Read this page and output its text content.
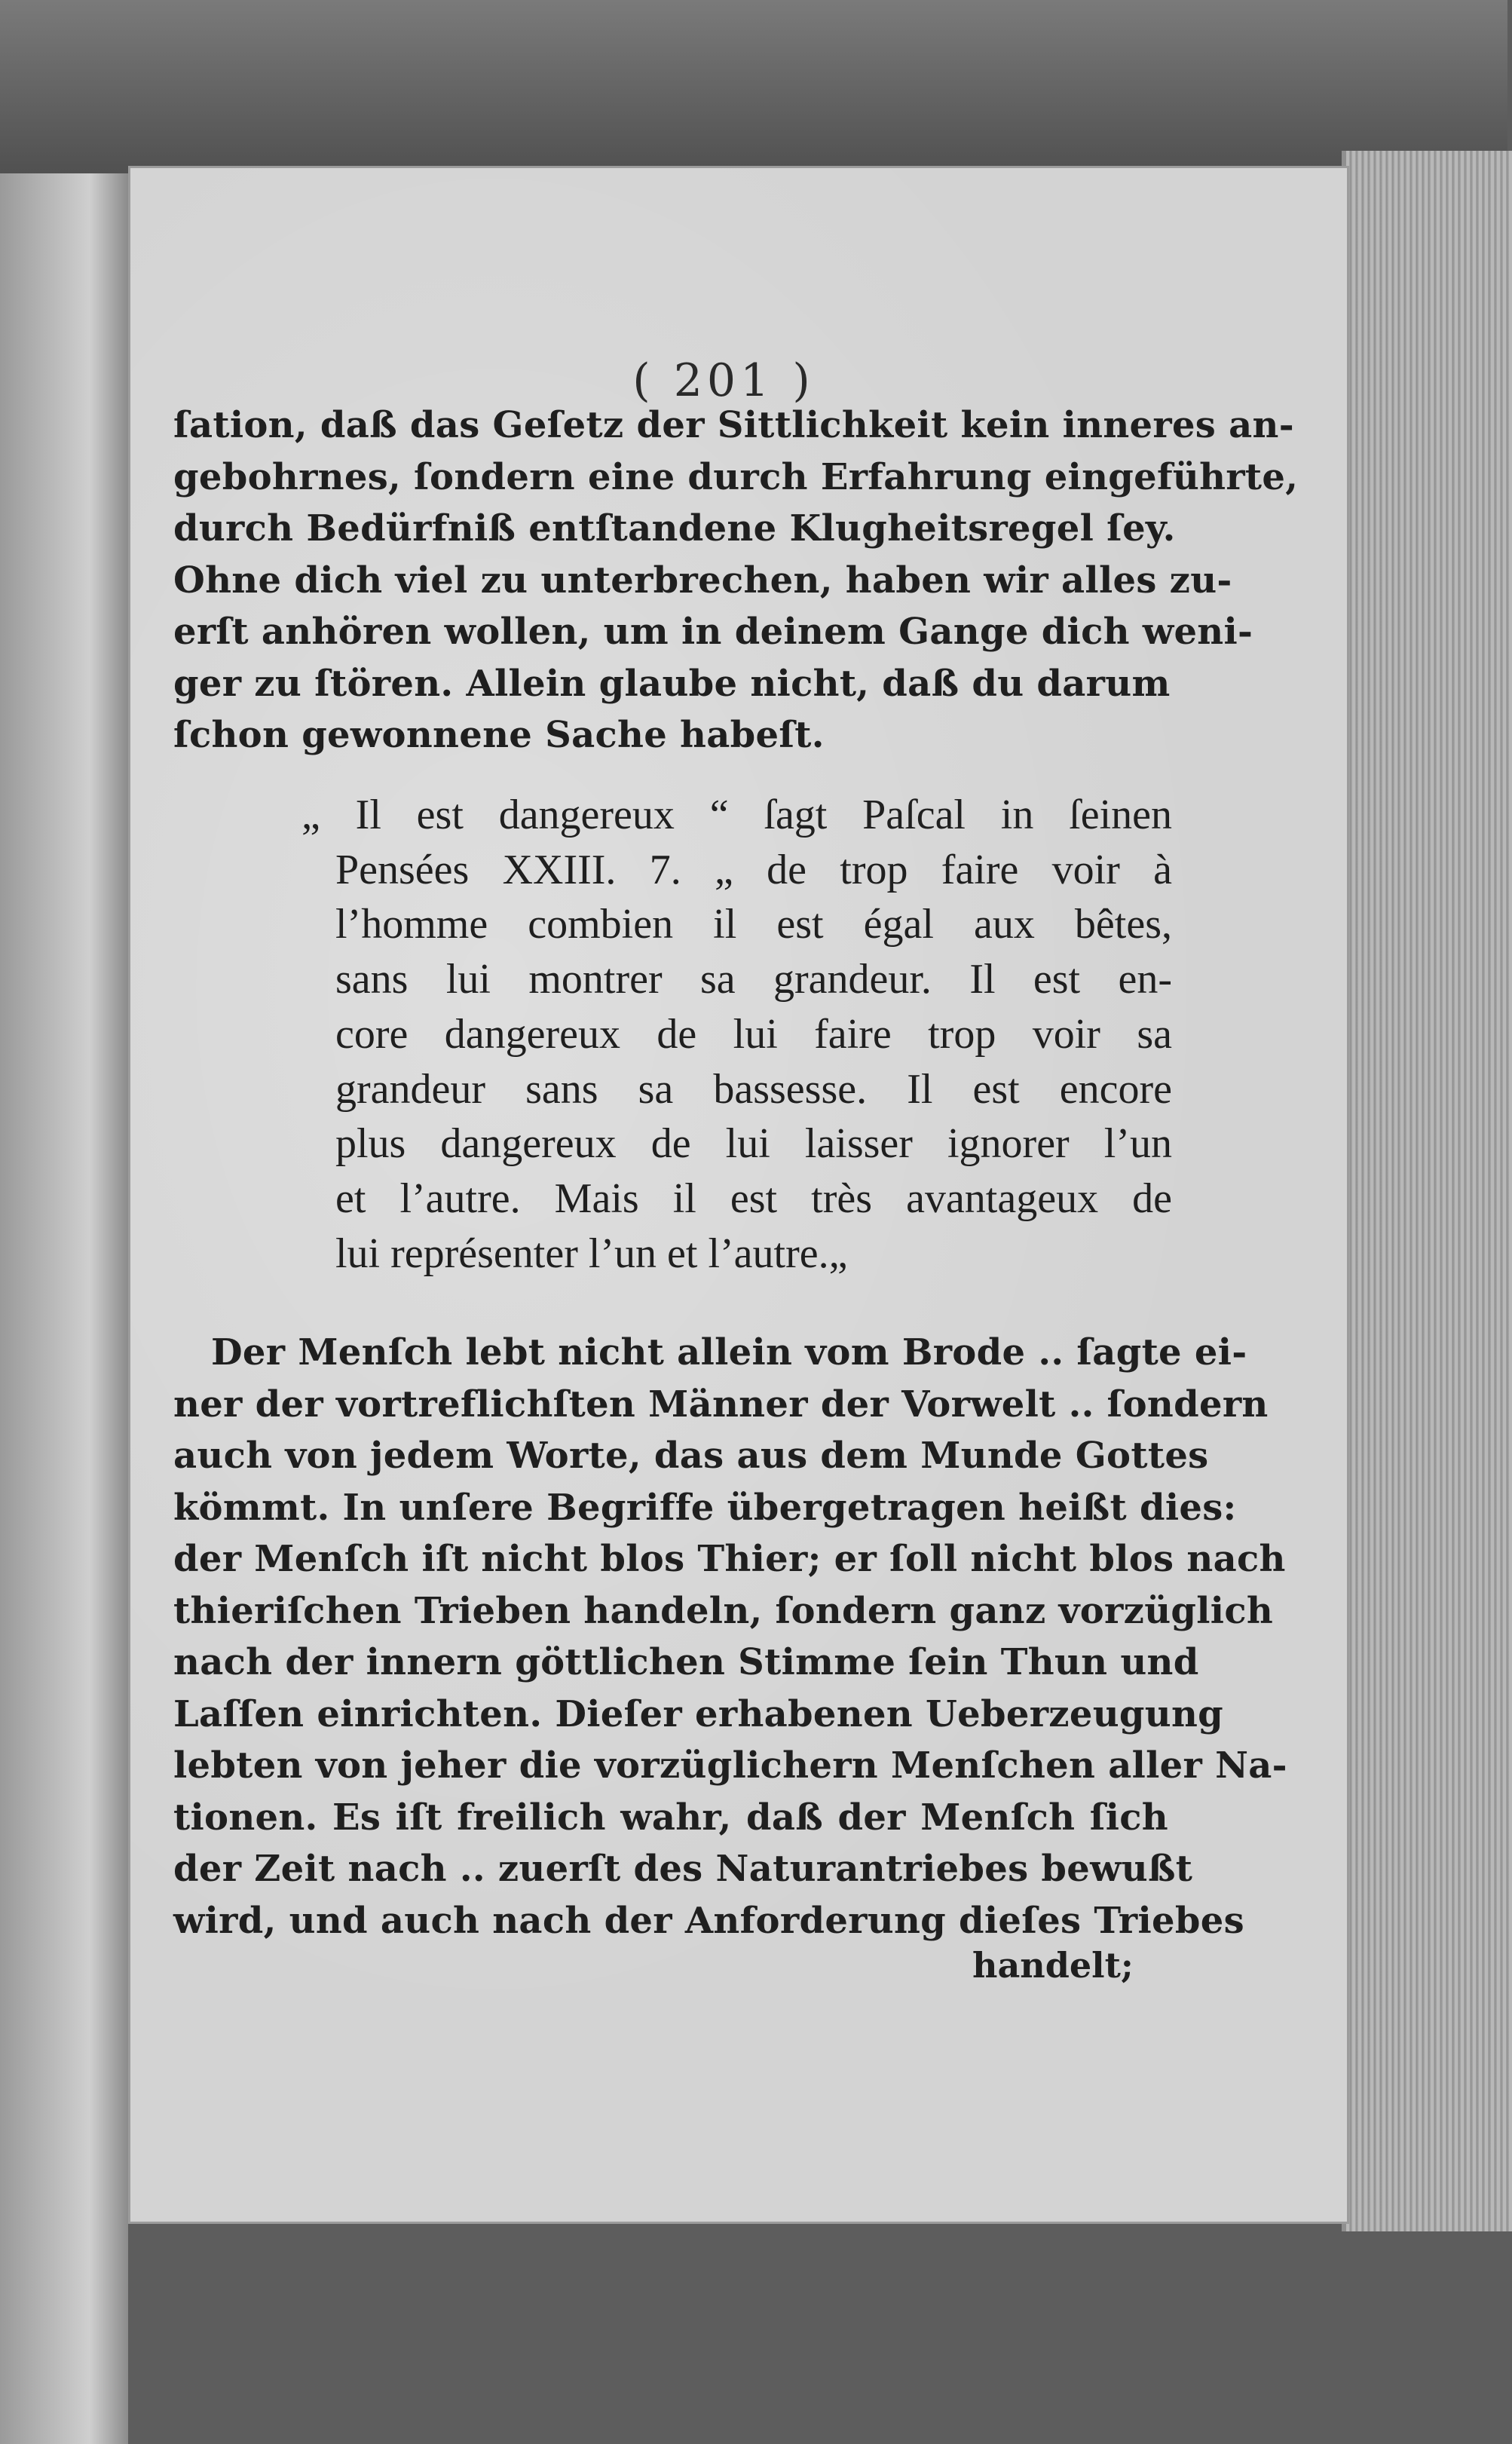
( 201 )
ſation, daß das Geſetz der Sittlichkeit kein inneres an-
gebohrnes, ſondern eine durch Erfahrung eingeführte,
durch Bedürfniß entſtandene Klugheitsregel ſey.
Ohne dich viel zu unterbrechen, haben wir alles zu-
erſt anhören wollen, um in deinem Gange dich weni-
ger zu ſtören. Allein glaube nicht, daß du darum
ſchon gewonnene Sache habeſt.
„ Il est dangereux “ ſagt Paſcal in ſeinen
Pensées XXIII. 7. „ de trop faire voir à
l’homme combien il est égal aux bêtes,
sans lui montrer sa grandeur. Il est en-
core dangereux de lui faire trop voir sa
grandeur sans sa bassesse. Il est encore
plus dangereux de lui laisser ignorer l’un
et l’autre. Mais il est très avantageux de
lui représenter l’un et l’autre.„
Der Menſch lebt nicht allein vom Brode .. ſagte ei-
ner der vortreflichſten Männer der Vorwelt .. ſondern
auch von jedem Worte, das aus dem Munde Gottes
kömmt. In unſere Begriffe übergetragen heißt dies:
der Menſch iſt nicht blos Thier; er ſoll nicht blos nach
thieriſchen Trieben handeln, ſondern ganz vorzüglich
nach der innern göttlichen Stimme ſein Thun und
Laſſen einrichten. Dieſer erhabenen Ueberzeugung
lebten von jeher die vorzüglichern Menſchen aller Na-
tionen. Es iſt freilich wahr, daß der Menſch ſich
der Zeit nach .. zuerſt des Naturantriebes bewußt
wird, und auch nach der Anforderung dieſes Triebes
handelt;
